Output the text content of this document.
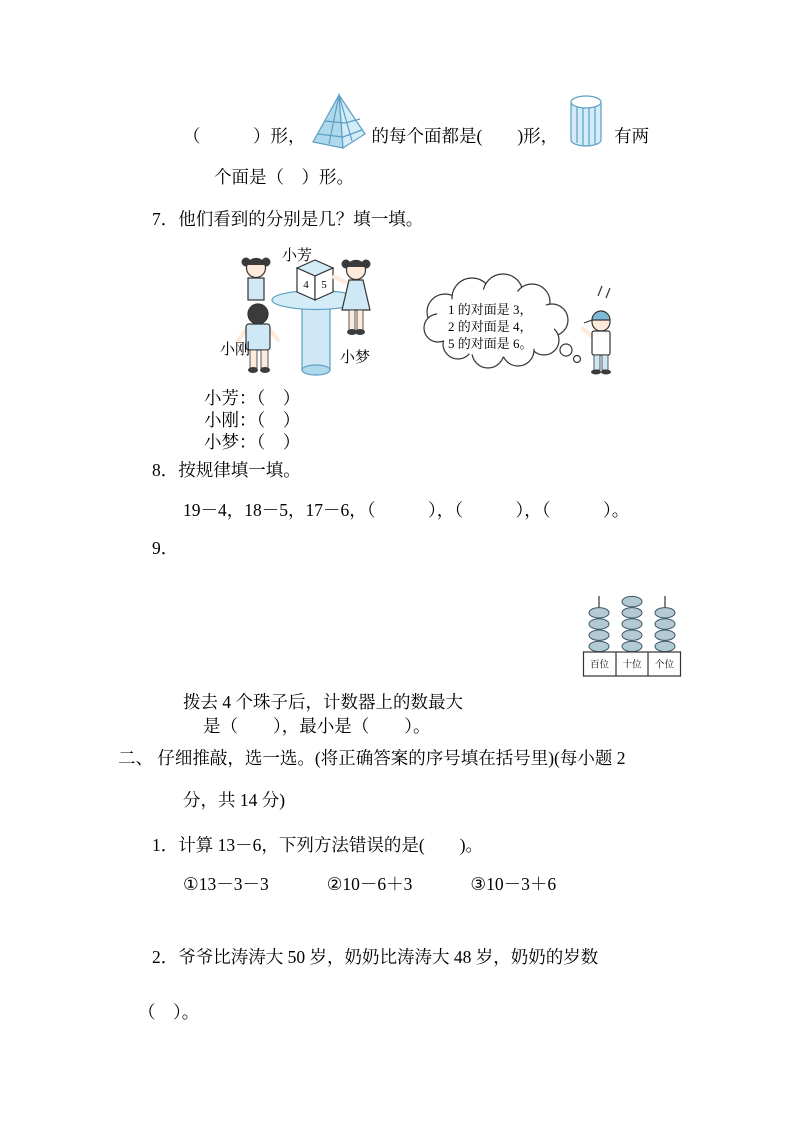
（　　　）形，	的每个面都是(　　)形，	有两
个面是（　）形。
7．他们看到的分别是几？填一填。
4 5
小芳
小刚	小梦
1 的对面是 3，
2 的对面是 4，
5 的对面是 6。
小芳：（　）
小刚：（　）
小梦：（　）
8．按规律填一填。
19－4，18－5，17－6，（　　　），（　　　），（　　　）。
9．
百位 十位 个位
拨去 4 个珠子后，计数器上的数最大
是（　　），最小是（　　）。
二、 仔细推敲，选一选。(将正确答案的序号填在括号里)(每小题 2
分，共 14 分)
1．计算 13－6，下列方法错误的是(　　)。
①13－3－3	②10－6＋3	③10－3＋6
2．爷爷比涛涛大 50 岁，奶奶比涛涛大 48 岁，奶奶的岁数
（　）。
